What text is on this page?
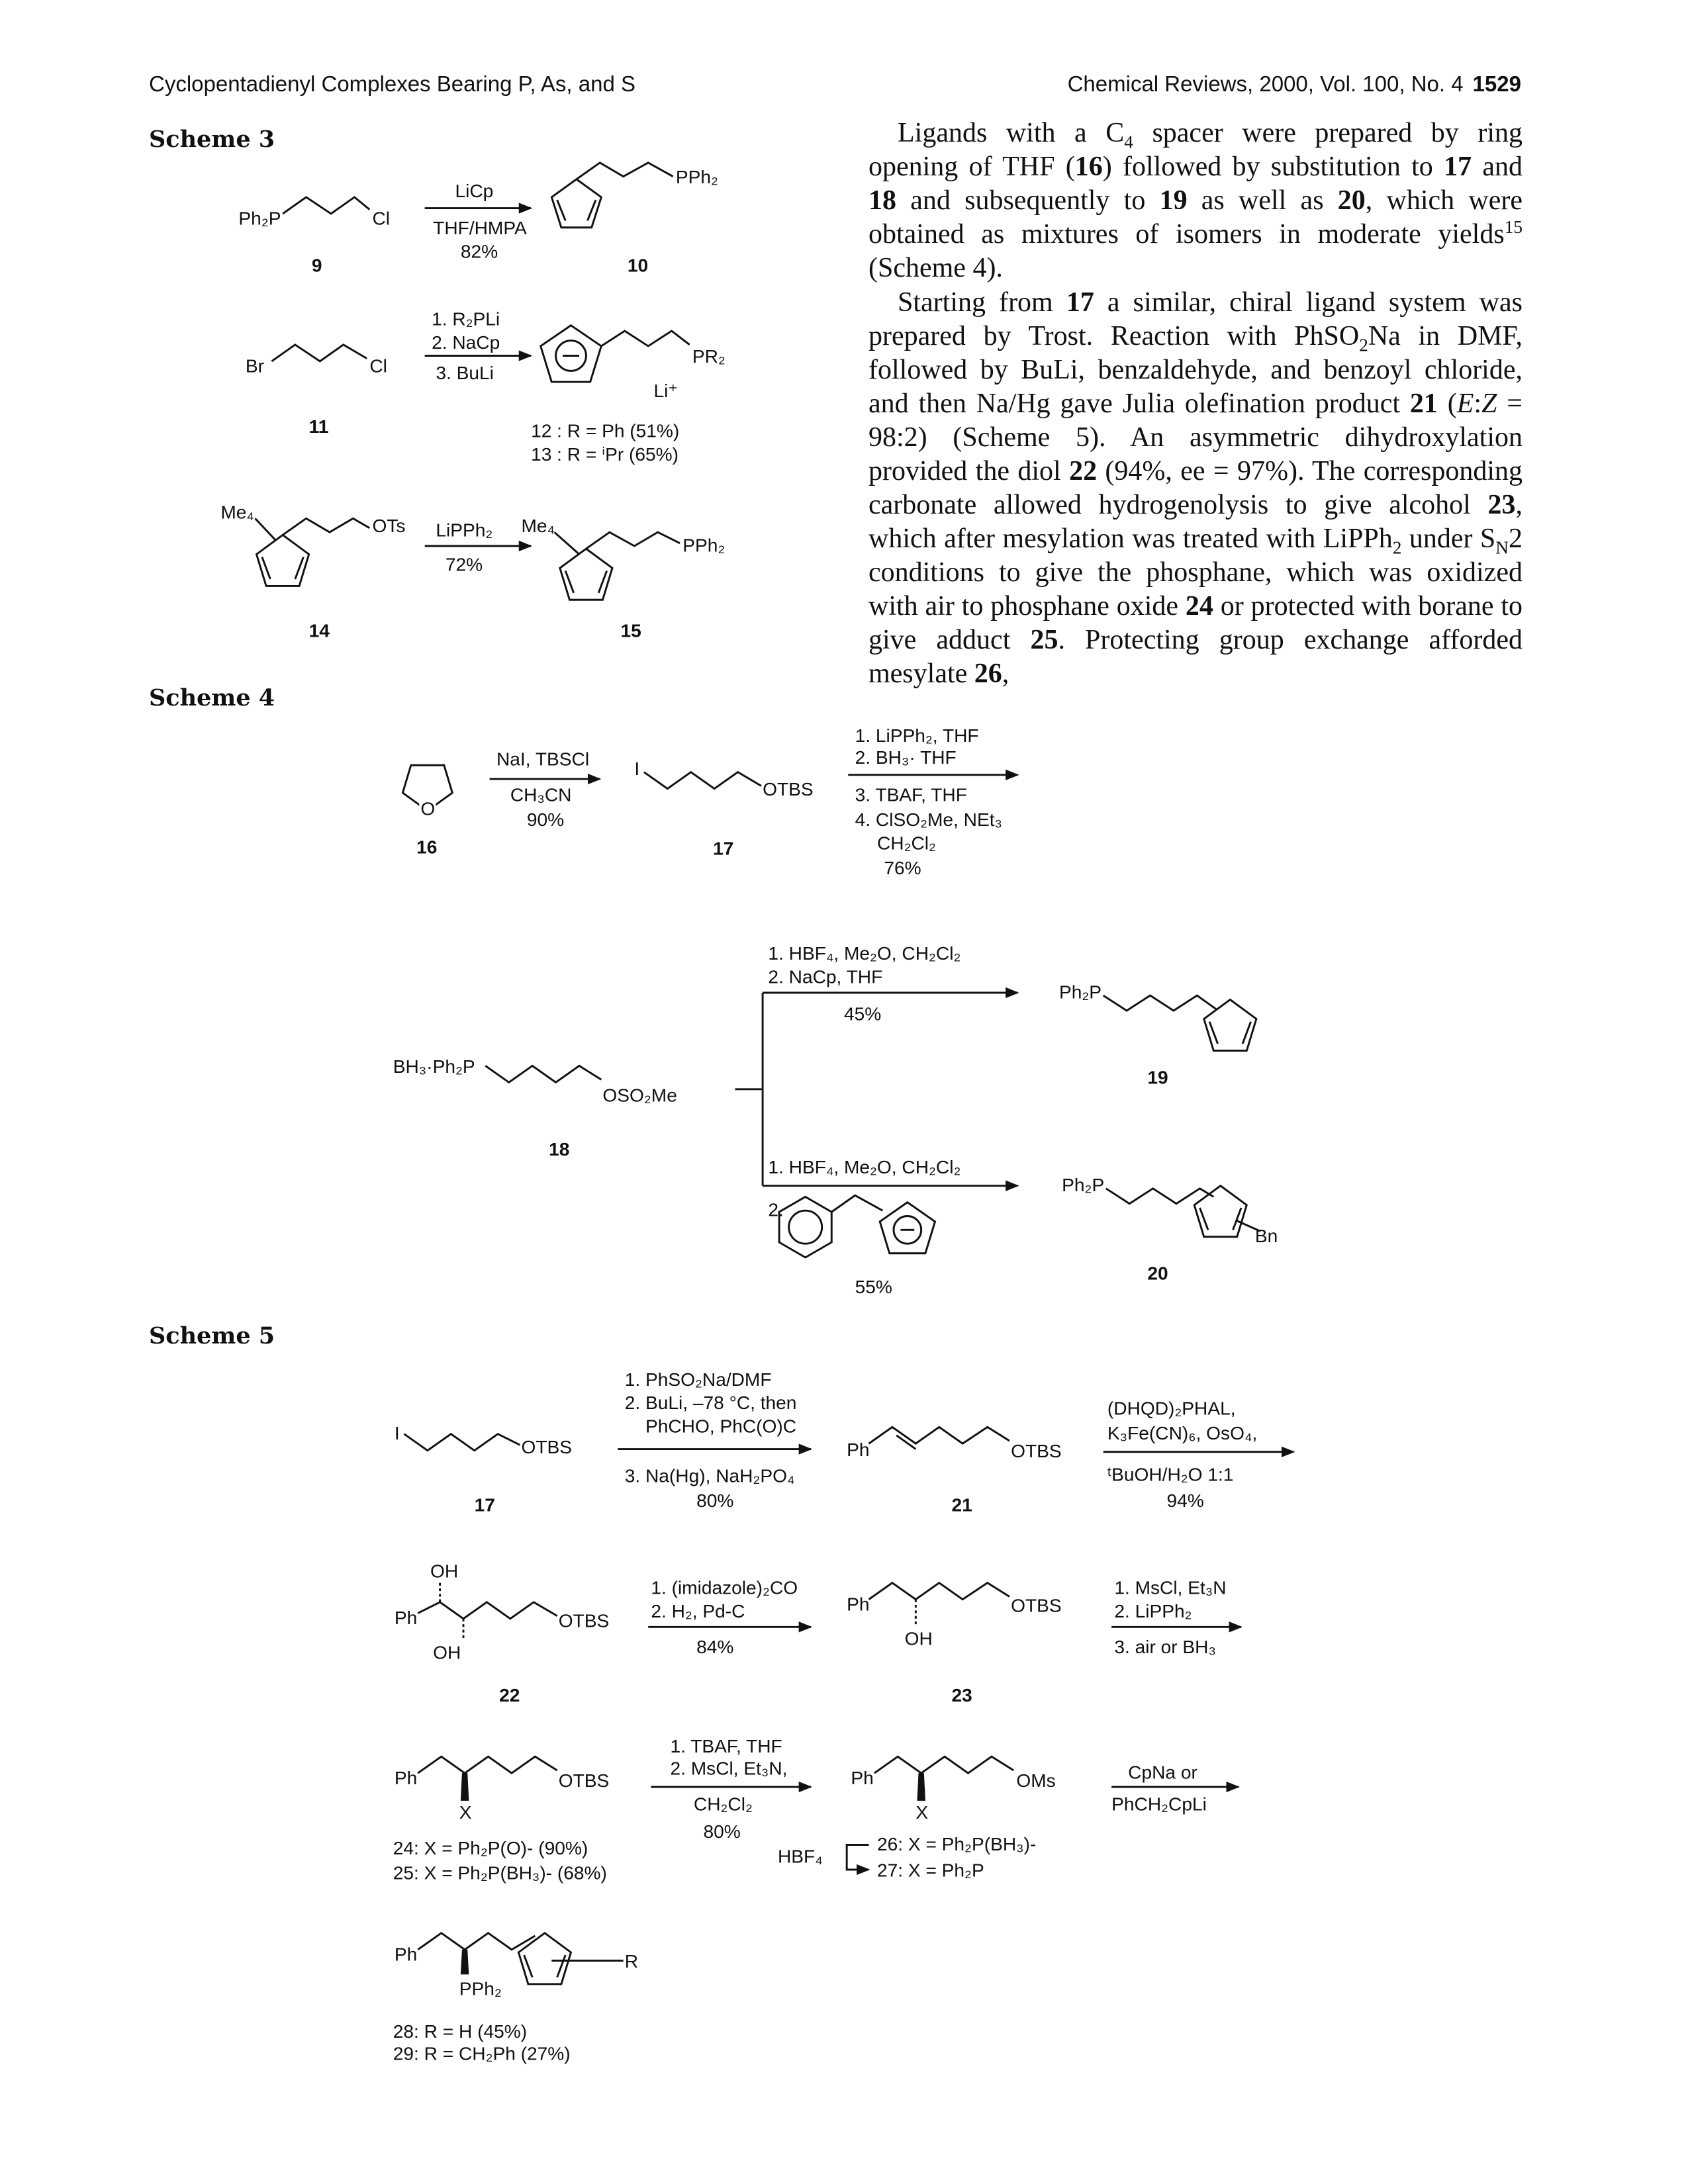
Cyclopentadienyl Complexes Bearing P, As, and S	Chemical Reviews, 2000, Vol. 100, No. 4 1529
Scheme 3
Scheme 4
Scheme 5

Ligands with a $C_4$ spacer were prepared by ring opening of THF (16) followed by substitution to 17 and 18 and subsequently to 19 as well as 20, which were obtained as mixtures of isomers in moderate yields$^{15}$ (Scheme 4).

Starting from 17 a similar, chiral ligand system was prepared by Trost. Reaction with PhSO$_2$Na in DMF, followed by BuLi, benzaldehyde, and benzoyl chloride, and then Na/Hg gave Julia olefination product 21 (E:Z = 98:2) (Scheme 5). An asymmetric dihydroxylation provided the diol 22 (94%, ee = 97%). The corresponding carbonate allowed hydrogenolysis to give alcohol 23, which after mesylation was treated with LiPPh$_2$ under $S_N2$ conditions to give the phosphane, which was oxidized with air to phosphane oxide 24 or protected with borane to give adduct 25. Protecting group exchange afforded mesylate 26,

Ph₂P	Cl
LiCp
THF/HMPA
82%
PPh₂
9	10
Br	Cl
1. R₂PLi
2. NaCp
3. BuLi
PR₂
Li⁺
11	12 : R = Ph (51%)
13 : R = ⁱPr (65%)
Me₄
OTs	LiPPh₂
72%
Me₄
PPh₂
14	15
O
16
NaI, TBSCl
CH₃CN
90%
I
OTBS
17
1. LiPPh₂, THF
2. BH₃· THF
3. TBAF, THF
4. ClSO₂Me, NEt₃
CH₂Cl₂
76%
BH₃·Ph₂P
OSO₂Me
18
1. HBF₄, Me₂O, CH₂Cl₂
2. NaCp, THF
45%
Ph₂P
19
1. HBF₄, Me₂O, CH₂Cl₂
2.
55%
Ph₂P
Bn
20
I
OTBS
17
1. PhSO₂Na/DMF
2. BuLi, –78 °C, then
PhCHO, PhC(O)C
3. Na(Hg), NaH₂PO₄
80%
Ph	OTBS
21
(DHQD)₂PHAL,
K₃Fe(CN)₆, OsO₄,
ᵗBuOH/H₂O 1:1
94%
OH
Ph	OTBS
OH
22
1. (imidazole)₂CO
2. H₂, Pd-C
84%
Ph	OTBS
OH
23
1. MsCl, Et₃N
2. LiPPh₂
3. air or BH₃
Ph	OTBS
X
24: X = Ph₂P(O)- (90%)
25: X = Ph₂P(BH₃)- (68%)
1. TBAF, THF
2. MsCl, Et₃N,
CH₂Cl₂
80%
Ph	OMs
X
26: X = Ph₂P(BH₃)-
27: X = Ph₂P
HBF₄
CpNa or
PhCH₂CpLi
Ph	R
PPh₂
28: R = H (45%)
29: R = CH₂Ph (27%)
